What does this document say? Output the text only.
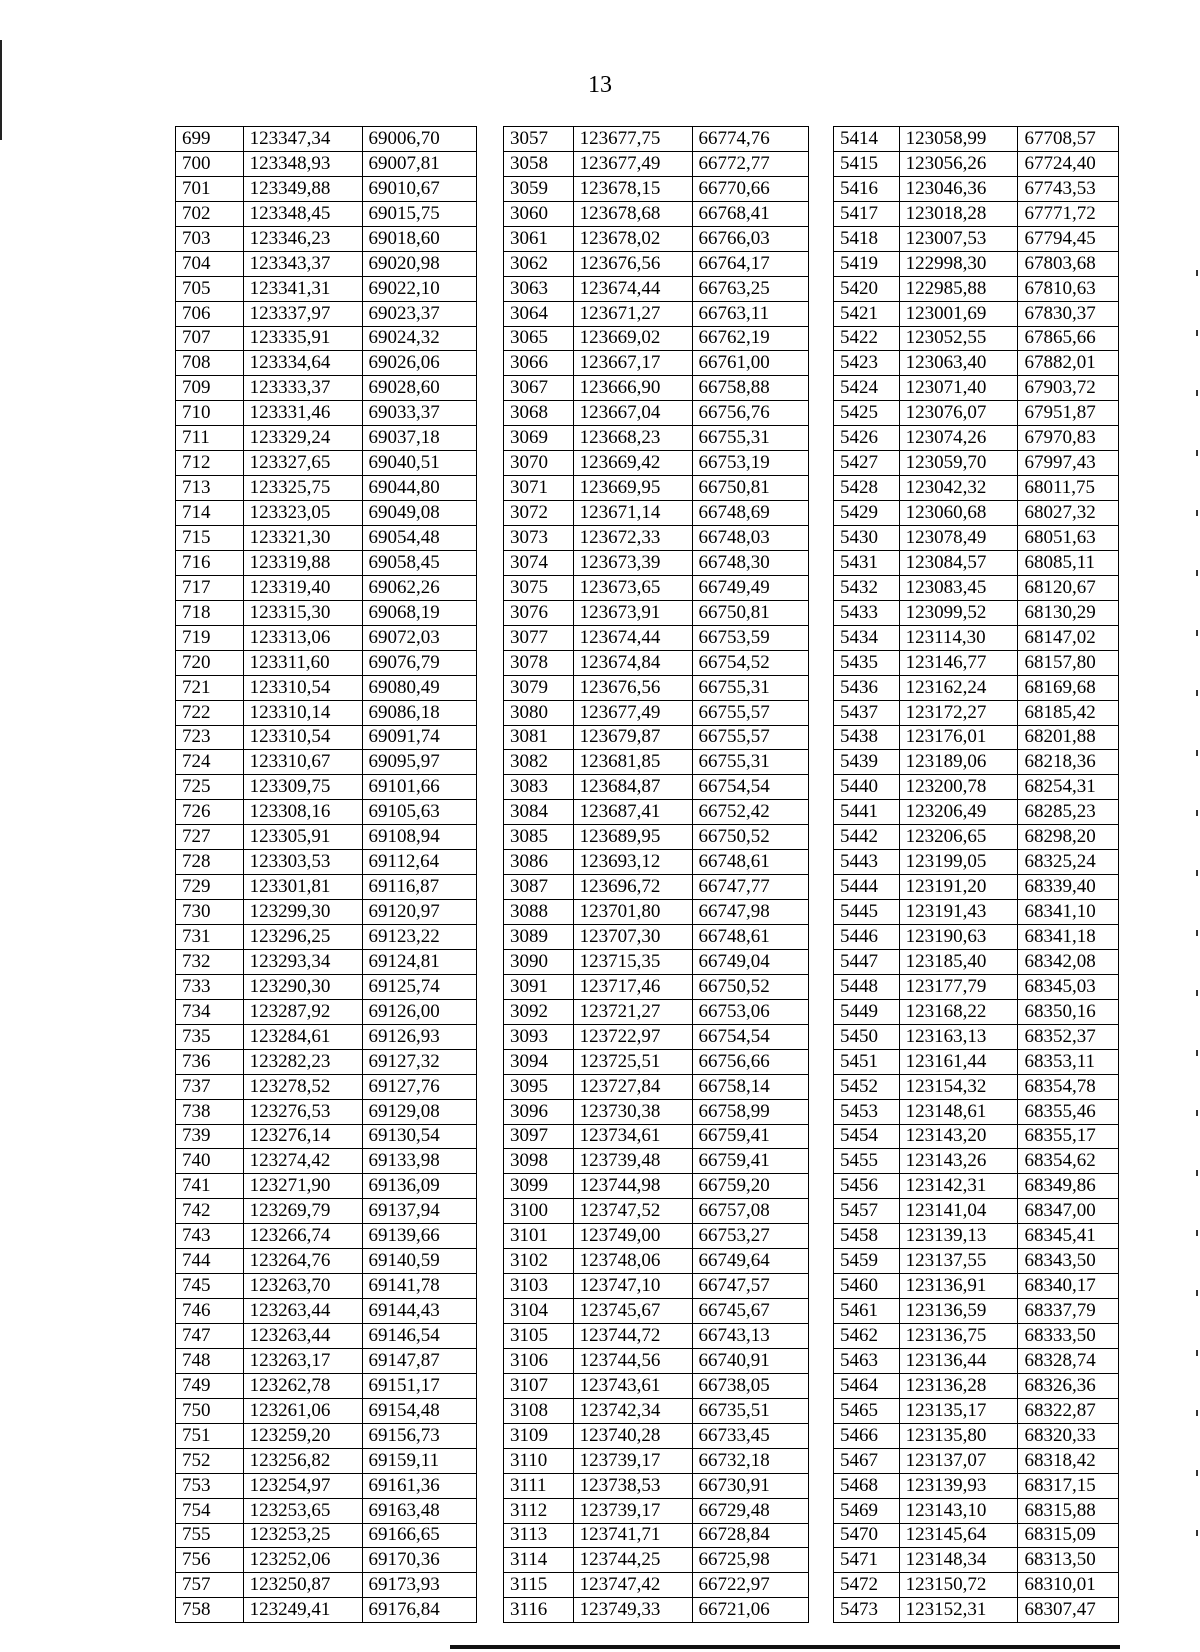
13
699	123347,34	69006,70		3057	123677,75	66774,76		5414	123058,99	67708,57
700	123348,93	69007,81		3058	123677,49	66772,77		5415	123056,26	67724,40
701	123349,88	69010,67		3059	123678,15	66770,66		5416	123046,36	67743,53
702	123348,45	69015,75		3060	123678,68	66768,41		5417	123018,28	67771,72
703	123346,23	69018,60		3061	123678,02	66766,03		5418	123007,53	67794,45
704	123343,37	69020,98		3062	123676,56	66764,17		5419	122998,30	67803,68
705	123341,31	69022,10		3063	123674,44	66763,25		5420	122985,88	67810,63
706	123337,97	69023,37		3064	123671,27	66763,11		5421	123001,69	67830,37
707	123335,91	69024,32		3065	123669,02	66762,19		5422	123052,55	67865,66
708	123334,64	69026,06		3066	123667,17	66761,00		5423	123063,40	67882,01
709	123333,37	69028,60		3067	123666,90	66758,88		5424	123071,40	67903,72
710	123331,46	69033,37		3068	123667,04	66756,76		5425	123076,07	67951,87
711	123329,24	69037,18		3069	123668,23	66755,31		5426	123074,26	67970,83
712	123327,65	69040,51		3070	123669,42	66753,19		5427	123059,70	67997,43
713	123325,75	69044,80		3071	123669,95	66750,81		5428	123042,32	68011,75
714	123323,05	69049,08		3072	123671,14	66748,69		5429	123060,68	68027,32
715	123321,30	69054,48		3073	123672,33	66748,03		5430	123078,49	68051,63
716	123319,88	69058,45		3074	123673,39	66748,30		5431	123084,57	68085,11
717	123319,40	69062,26		3075	123673,65	66749,49		5432	123083,45	68120,67
718	123315,30	69068,19		3076	123673,91	66750,81		5433	123099,52	68130,29
719	123313,06	69072,03		3077	123674,44	66753,59		5434	123114,30	68147,02
720	123311,60	69076,79		3078	123674,84	66754,52		5435	123146,77	68157,80
721	123310,54	69080,49		3079	123676,56	66755,31		5436	123162,24	68169,68
722	123310,14	69086,18		3080	123677,49	66755,57		5437	123172,27	68185,42
723	123310,54	69091,74		3081	123679,87	66755,57		5438	123176,01	68201,88
724	123310,67	69095,97		3082	123681,85	66755,31		5439	123189,06	68218,36
725	123309,75	69101,66		3083	123684,87	66754,54		5440	123200,78	68254,31
726	123308,16	69105,63		3084	123687,41	66752,42		5441	123206,49	68285,23
727	123305,91	69108,94		3085	123689,95	66750,52		5442	123206,65	68298,20
728	123303,53	69112,64		3086	123693,12	66748,61		5443	123199,05	68325,24
729	123301,81	69116,87		3087	123696,72	66747,77		5444	123191,20	68339,40
730	123299,30	69120,97		3088	123701,80	66747,98		5445	123191,43	68341,10
731	123296,25	69123,22		3089	123707,30	66748,61		5446	123190,63	68341,18
732	123293,34	69124,81		3090	123715,35	66749,04		5447	123185,40	68342,08
733	123290,30	69125,74		3091	123717,46	66750,52		5448	123177,79	68345,03
734	123287,92	69126,00		3092	123721,27	66753,06		5449	123168,22	68350,16
735	123284,61	69126,93		3093	123722,97	66754,54		5450	123163,13	68352,37
736	123282,23	69127,32		3094	123725,51	66756,66		5451	123161,44	68353,11
737	123278,52	69127,76		3095	123727,84	66758,14		5452	123154,32	68354,78
738	123276,53	69129,08		3096	123730,38	66758,99		5453	123148,61	68355,46
739	123276,14	69130,54		3097	123734,61	66759,41		5454	123143,20	68355,17
740	123274,42	69133,98		3098	123739,48	66759,41		5455	123143,26	68354,62
741	123271,90	69136,09		3099	123744,98	66759,20		5456	123142,31	68349,86
742	123269,79	69137,94		3100	123747,52	66757,08		5457	123141,04	68347,00
743	123266,74	69139,66		3101	123749,00	66753,27		5458	123139,13	68345,41
744	123264,76	69140,59		3102	123748,06	66749,64		5459	123137,55	68343,50
745	123263,70	69141,78		3103	123747,10	66747,57		5460	123136,91	68340,17
746	123263,44	69144,43		3104	123745,67	66745,67		5461	123136,59	68337,79
747	123263,44	69146,54		3105	123744,72	66743,13		5462	123136,75	68333,50
748	123263,17	69147,87		3106	123744,56	66740,91		5463	123136,44	68328,74
749	123262,78	69151,17		3107	123743,61	66738,05		5464	123136,28	68326,36
750	123261,06	69154,48		3108	123742,34	66735,51		5465	123135,17	68322,87
751	123259,20	69156,73		3109	123740,28	66733,45		5466	123135,80	68320,33
752	123256,82	69159,11		3110	123739,17	66732,18		5467	123137,07	68318,42
753	123254,97	69161,36		3111	123738,53	66730,91		5468	123139,93	68317,15
754	123253,65	69163,48		3112	123739,17	66729,48		5469	123143,10	68315,88
755	123253,25	69166,65		3113	123741,71	66728,84		5470	123145,64	68315,09
756	123252,06	69170,36		3114	123744,25	66725,98		5471	123148,34	68313,50
757	123250,87	69173,93		3115	123747,42	66722,97		5472	123150,72	68310,01
758	123249,41	69176,84		3116	123749,33	66721,06		5473	123152,31	68307,47
